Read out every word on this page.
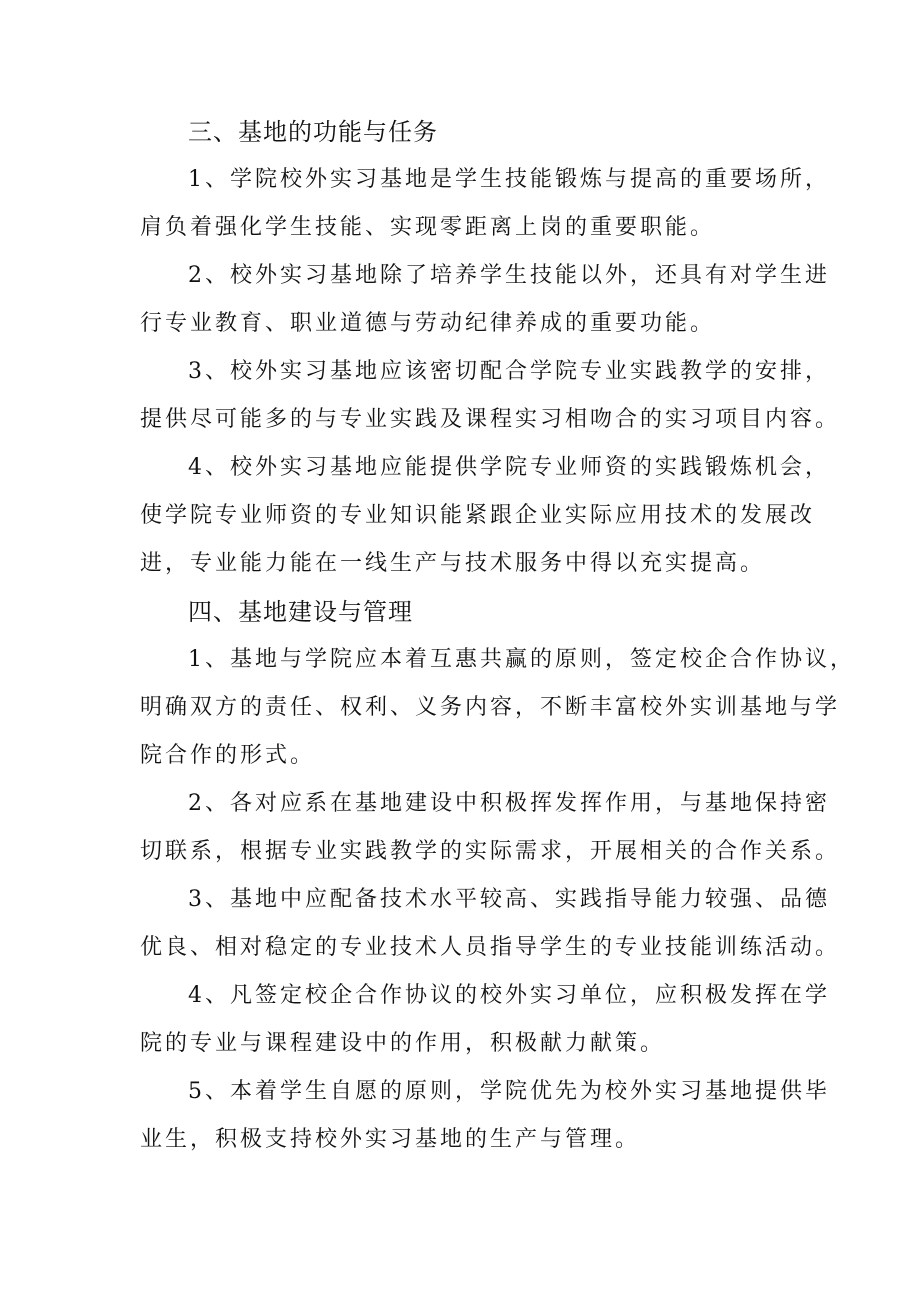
三、基地的功能与任务

1、学院校外实习基地是学生技能锻炼与提高的重要场所，
肩负着强化学生技能、实现零距离上岗的重要职能。

2、校外实习基地除了培养学生技能以外，还具有对学生进
行专业教育、职业道德与劳动纪律养成的重要功能。

3、校外实习基地应该密切配合学院专业实践教学的安排，
提供尽可能多的与专业实践及课程实习相吻合的实习项目内容。

4、校外实习基地应能提供学院专业师资的实践锻炼机会，
使学院专业师资的专业知识能紧跟企业实际应用技术的发展改
进，专业能力能在一线生产与技术服务中得以充实提高。

四、基地建设与管理

1、基地与学院应本着互惠共赢的原则，签定校企合作协议，
明确双方的责任、权利、义务内容，不断丰富校外实训基地与学
院合作的形式。

2、各对应系在基地建设中积极挥发挥作用，与基地保持密
切联系，根据专业实践教学的实际需求，开展相关的合作关系。

3、基地中应配备技术水平较高、实践指导能力较强、品德
优良、相对稳定的专业技术人员指导学生的专业技能训练活动。

4、凡签定校企合作协议的校外实习单位，应积极发挥在学
院的专业与课程建设中的作用，积极献力献策。

5、本着学生自愿的原则，学院优先为校外实习基地提供毕
业生，积极支持校外实习基地的生产与管理。
